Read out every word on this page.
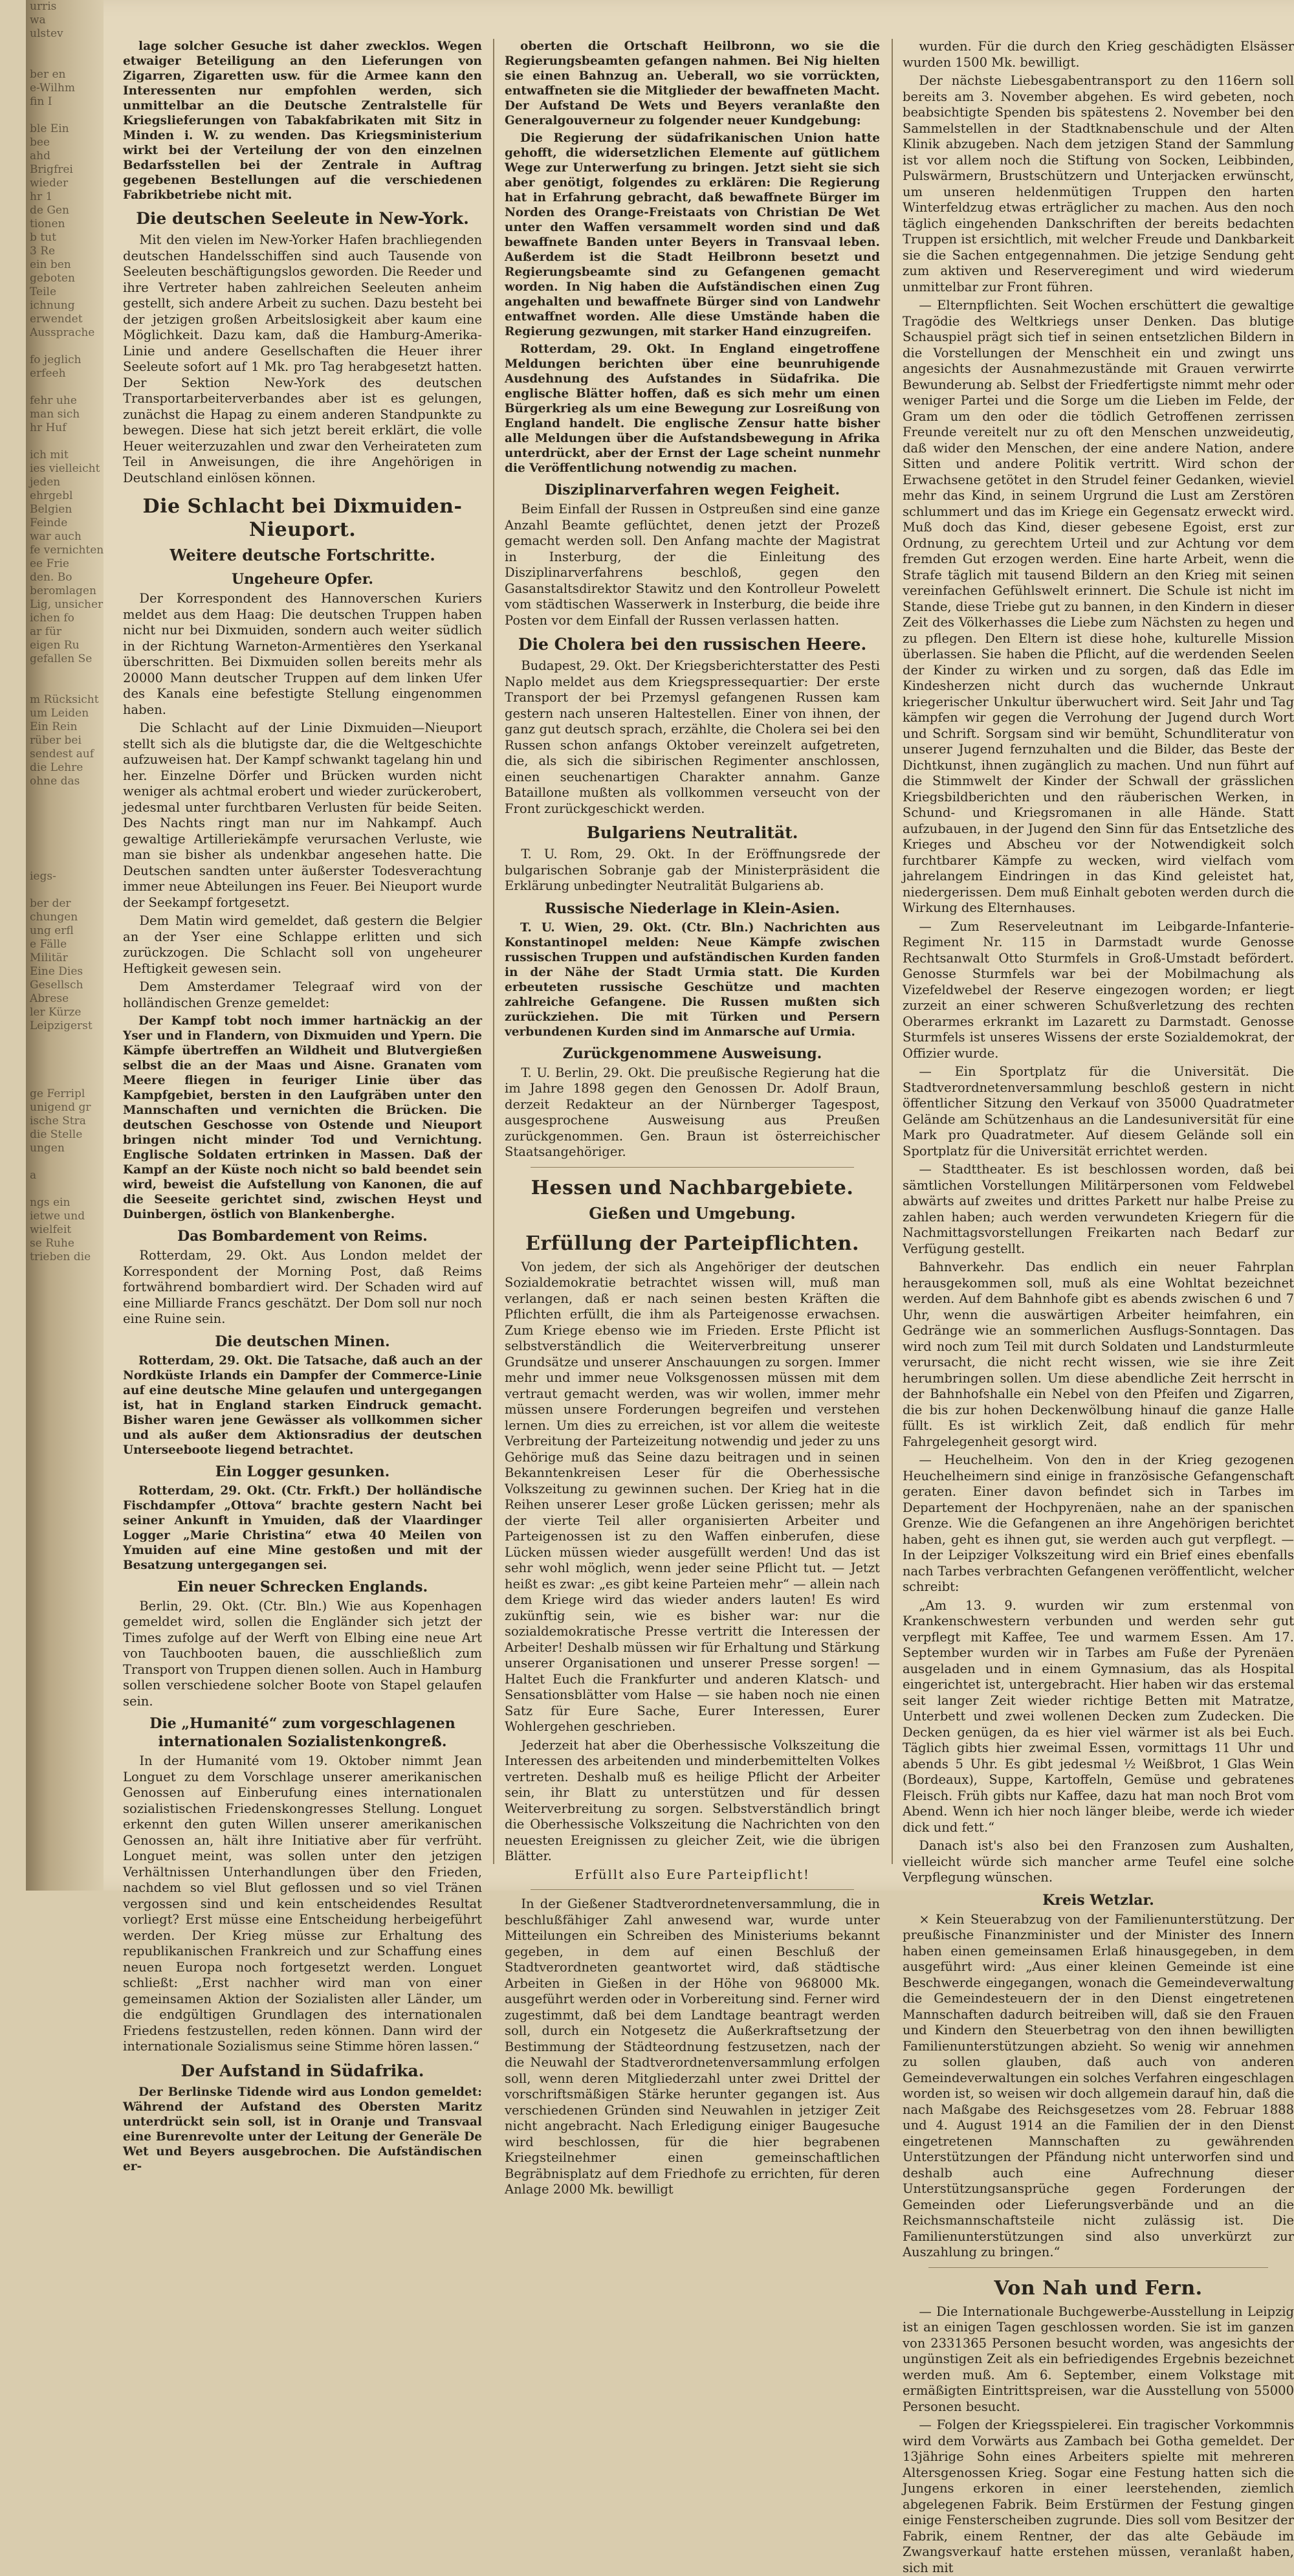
urris

wa

ulstev

ber en

e-Wilhm

fin I

ble Ein

bee

ahd

Brigfrei

wieder

hr 1

de Gen

tionen

b tut

3 Re

ein ben

geboten

Teile

ichnung

erwendet

Aussprache

fo jeglich

erfeeh

fehr uhe

man sich

hr Huf

ich mit

ies vielleicht

jeden

ehrgebl

Belgien

Feinde

war auch

fe vernichten

ee Frie

den. Bo

beromlagen

Lig, unsicher

ichen fo

ar für

eigen Ru

gefallen Se

m Rücksicht

um Leiden

Ein Rein

rüber bei

sendest auf

die Lehre

ohne das

iegs-

ber der

chungen

ung erfl

e Fälle

Militär

Eine Dies

Gesellsch

Abrese

ler Kürze

Leipzigerst

ge Ferripl

unigend gr

ische Stra

die Stelle

ungen

a

ngs ein

ietwe und

wielfeit

se Ruhe

trieben die

lage solcher Gesuche ist daher zwecklos. Wegen etwaiger Beteiligung an den Lieferungen von Zigarren, Zigaretten usw. für die Armee kann den Interessenten nur empfohlen werden, sich unmittelbar an die Deutsche Zentralstelle für Kriegslieferungen von Tabakfabrikaten mit Sitz in Minden i. W. zu wenden. Das Kriegsministerium wirkt bei der Verteilung der von den einzelnen Bedarfsstellen bei der Zentrale in Auftrag gegebenen Bestellungen auf die verschiedenen Fabrikbetriebe nicht mit.

Die deutschen Seeleute in New-York.

Mit den vielen im New-Yorker Hafen brachliegenden deutschen Handelsschiffen sind auch Tausende von Seeleuten beschäftigungslos geworden. Die Reeder und ihre Vertreter haben zahlreichen Seeleuten anheim gestellt, sich andere Arbeit zu suchen. Dazu besteht bei der jetzigen großen Arbeitslosigkeit aber kaum eine Möglichkeit. Dazu kam, daß die Hamburg-Amerika-Linie und andere Gesellschaften die Heuer ihrer Seeleute sofort auf 1 Mk. pro Tag herabgesetzt hatten. Der Sektion New-York des deutschen Transportarbeiterverbandes aber ist es gelungen, zunächst die Hapag zu einem anderen Standpunkte zu bewegen. Diese hat sich jetzt bereit erklärt, die volle Heuer weiterzuzahlen und zwar den Verheirateten zum Teil in Anweisungen, die ihre Angehörigen in Deutschland einlösen können.

Die Schlacht bei Dixmuiden-Nieuport.
Weitere deutsche Fortschritte.
Ungeheure Opfer.

Der Korrespondent des Hannoverschen Kuriers meldet aus dem Haag: Die deutschen Truppen haben nicht nur bei Dixmuiden, sondern auch weiter südlich in der Richtung Warneton-Armentières den Yserkanal überschritten. Bei Dixmuiden sollen bereits mehr als 20000 Mann deutscher Truppen auf dem linken Ufer des Kanals eine befestigte Stellung eingenommen haben.

Die Schlacht auf der Linie Dixmuiden—Nieuport stellt sich als die blutigste dar, die die Weltgeschichte aufzuweisen hat. Der Kampf schwankt tagelang hin und her. Einzelne Dörfer und Brücken wurden nicht weniger als achtmal erobert und wieder zurückerobert, jedesmal unter furchtbaren Verlusten für beide Seiten. Des Nachts ringt man nur im Nahkampf. Auch gewaltige Artilleriekämpfe verursachen Verluste, wie man sie bisher als undenkbar angesehen hatte. Die Deutschen sandten unter äußerster Todesverachtung immer neue Abteilungen ins Feuer. Bei Nieuport wurde der Seekampf fortgesetzt.

Dem Matin wird gemeldet, daß gestern die Belgier an der Yser eine Schlappe erlitten und sich zurückzogen. Die Schlacht soll von ungeheurer Heftigkeit gewesen sein.

Dem Amsterdamer Telegraaf wird von der holländischen Grenze gemeldet:

Der Kampf tobt noch immer hartnäckig an der Yser und in Flandern, von Dixmuiden und Ypern. Die Kämpfe übertreffen an Wildheit und Blutvergießen selbst die an der Maas und Aisne. Granaten vom Meere fliegen in feuriger Linie über das Kampfgebiet, bersten in den Laufgräben unter den Mannschaften und vernichten die Brücken. Die deutschen Geschosse von Ostende und Nieuport bringen nicht minder Tod und Vernichtung. Englische Soldaten ertrinken in Massen. Daß der Kampf an der Küste noch nicht so bald beendet sein wird, beweist die Aufstellung von Kanonen, die auf die Seeseite gerichtet sind, zwischen Heyst und Duinbergen, östlich von Blankenberghe.

Das Bombardement von Reims.

Rotterdam, 29. Okt. Aus London meldet der Korrespondent der Morning Post, daß Reims fortwährend bombardiert wird. Der Schaden wird auf eine Milliarde Francs geschätzt. Der Dom soll nur noch eine Ruine sein.

Die deutschen Minen.

Rotterdam, 29. Okt. Die Tatsache, daß auch an der Nordküste Irlands ein Dampfer der Commerce-Linie auf eine deutsche Mine gelaufen und untergegangen ist, hat in England starken Eindruck gemacht. Bisher waren jene Gewässer als vollkommen sicher und als außer dem Aktionsradius der deutschen Unterseeboote liegend betrachtet.

Ein Logger gesunken.

Rotterdam, 29. Okt. (Ctr. Frkft.) Der holländische Fischdampfer „Ottova“ brachte gestern Nacht bei seiner Ankunft in Ymuiden, daß der Vlaardinger Logger „Marie Christina“ etwa 40 Meilen von Ymuiden auf eine Mine gestoßen und mit der Besatzung untergegangen sei.

Ein neuer Schrecken Englands.

Berlin, 29. Okt. (Ctr. Bln.) Wie aus Kopenhagen gemeldet wird, sollen die Engländer sich jetzt der Times zufolge auf der Werft von Elbing eine neue Art von Tauchbooten bauen, die ausschließlich zum Transport von Truppen dienen sollen. Auch in Hamburg sollen verschiedene solcher Boote von Stapel gelaufen sein.

Die „Humanité“ zum vorgeschlagenen internationalen Sozialistenkongreß.

In der Humanité vom 19. Oktober nimmt Jean Longuet zu dem Vorschlage unserer amerikanischen Genossen auf Einberufung eines internationalen sozialistischen Friedenskongresses Stellung. Longuet erkennt den guten Willen unserer amerikanischen Genossen an, hält ihre Initiative aber für verfrüht. Longuet meint, was sollen unter den jetzigen Verhältnissen Unterhandlungen über den Frieden, nachdem so viel Blut geflossen und so viel Tränen vergossen sind und kein entscheidendes Resultat vorliegt? Erst müsse eine Entscheidung herbeigeführt werden. Der Krieg müsse zur Erhaltung des republikanischen Frankreich und zur Schaffung eines neuen Europa noch fortgesetzt werden. Longuet schließt: „Erst nachher wird man von einer gemeinsamen Aktion der Sozialisten aller Länder, um die endgültigen Grundlagen des internationalen Friedens festzustellen, reden können. Dann wird der internationale Sozialismus seine Stimme hören lassen.“

Der Aufstand in Südafrika.

Der Berlinske Tidende wird aus London gemeldet: Während der Aufstand des Obersten Maritz unterdrückt sein soll, ist in Oranje und Transvaal eine Burenrevolte unter der Leitung der Generäle De Wet und Beyers ausgebrochen. Die Aufständischen er-

oberten die Ortschaft Heilbronn, wo sie die Regierungsbeamten gefangen nahmen. Bei Nig hielten sie einen Bahnzug an. Ueberall, wo sie vorrückten, entwaffneten sie die Mitglieder der bewaffneten Macht. Der Aufstand De Wets und Beyers veranlaßte den Generalgouverneur zu folgender neuer Kundgebung:

Die Regierung der südafrikanischen Union hatte gehofft, die widersetzlichen Elemente auf gütlichem Wege zur Unterwerfung zu bringen. Jetzt sieht sie sich aber genötigt, folgendes zu erklären: Die Regierung hat in Erfahrung gebracht, daß bewaffnete Bürger im Norden des Orange-Freistaats von Christian De Wet unter den Waffen versammelt worden sind und daß bewaffnete Banden unter Beyers in Transvaal leben. Außerdem ist die Stadt Heilbronn besetzt und Regierungsbeamte sind zu Gefangenen gemacht worden. In Nig haben die Aufständischen einen Zug angehalten und bewaffnete Bürger sind von Landwehr entwaffnet worden. Alle diese Umstände haben die Regierung gezwungen, mit starker Hand einzugreifen.

Rotterdam, 29. Okt. In England eingetroffene Meldungen berichten über eine beunruhigende Ausdehnung des Aufstandes in Südafrika. Die englische Blätter hoffen, daß es sich mehr um einen Bürgerkrieg als um eine Bewegung zur Losreißung von England handelt. Die englische Zensur hatte bisher alle Meldungen über die Aufstandsbewegung in Afrika unterdrückt, aber der Ernst der Lage scheint nunmehr die Veröffentlichung notwendig zu machen.

Disziplinarverfahren wegen Feigheit.

Beim Einfall der Russen in Ostpreußen sind eine ganze Anzahl Beamte geflüchtet, denen jetzt der Prozeß gemacht werden soll. Den Anfang machte der Magistrat in Insterburg, der die Einleitung des Disziplinarverfahrens beschloß, gegen den Gasanstaltsdirektor Stawitz und den Kontrolleur Powelett vom städtischen Wasserwerk in Insterburg, die beide ihre Posten vor dem Einfall der Russen verlassen hatten.

Die Cholera bei den russischen Heere.

Budapest, 29. Okt. Der Kriegsberichterstatter des Pesti Naplo meldet aus dem Kriegspressequartier: Der erste Transport der bei Przemysl gefangenen Russen kam gestern nach unseren Haltestellen. Einer von ihnen, der ganz gut deutsch sprach, erzählte, die Cholera sei bei den Russen schon anfangs Oktober vereinzelt aufgetreten, die, als sich die sibirischen Regimenter anschlossen, einen seuchenartigen Charakter annahm. Ganze Bataillone mußten als vollkommen verseucht von der Front zurückgeschickt werden.

Bulgariens Neutralität.

T. U. Rom, 29. Okt. In der Eröffnungsrede der bulgarischen Sobranje gab der Ministerpräsident die Erklärung unbedingter Neutralität Bulgariens ab.

Russische Niederlage in Klein-Asien.

T. U. Wien, 29. Okt. (Ctr. Bln.) Nachrichten aus Konstantinopel melden: Neue Kämpfe zwischen russischen Truppen und aufständischen Kurden fanden in der Nähe der Stadt Urmia statt. Die Kurden erbeuteten russische Geschütze und machten zahlreiche Gefangene. Die Russen mußten sich zurückziehen. Die mit Türken und Persern verbundenen Kurden sind im Anmarsche auf Urmia.

Zurückgenommene Ausweisung.

T. U. Berlin, 29. Okt. Die preußische Regierung hat die im Jahre 1898 gegen den Genossen Dr. Adolf Braun, derzeit Redakteur an der Nürnberger Tagespost, ausgesprochene Ausweisung aus Preußen zurückgenommen. Gen. Braun ist österreichischer Staatsangehöriger.

Hessen und Nachbargebiete.
Gießen und Umgebung.
Erfüllung der Parteipflichten.

Von jedem, der sich als Angehöriger der deutschen Sozialdemokratie betrachtet wissen will, muß man verlangen, daß er nach seinen besten Kräften die Pflichten erfüllt, die ihm als Parteigenosse erwachsen. Zum Kriege ebenso wie im Frieden. Erste Pflicht ist selbstverständlich die Weiterverbreitung unserer Grundsätze und unserer Anschauungen zu sorgen. Immer mehr und immer neue Volksgenossen müssen mit dem vertraut gemacht werden, was wir wollen, immer mehr müssen unsere Forderungen begreifen und verstehen lernen. Um dies zu erreichen, ist vor allem die weiteste Verbreitung der Parteizeitung notwendig und jeder zu uns Gehörige muß das Seine dazu beitragen und in seinen Bekanntenkreisen Leser für die Oberhessische Volkszeitung zu gewinnen suchen. Der Krieg hat in die Reihen unserer Leser große Lücken gerissen; mehr als der vierte Teil aller organisierten Arbeiter und Parteigenossen ist zu den Waffen einberufen, diese Lücken müssen wieder ausgefüllt werden! Und das ist sehr wohl möglich, wenn jeder seine Pflicht tut. — Jetzt heißt es zwar: „es gibt keine Parteien mehr“ — allein nach dem Kriege wird das wieder anders lauten! Es wird zukünftig sein, wie es bisher war: nur die sozialdemokratische Presse vertritt die Interessen der Arbeiter! Deshalb müssen wir für Erhaltung und Stärkung unserer Organisationen und unserer Presse sorgen! — Haltet Euch die Frankfurter und anderen Klatsch- und Sensationsblätter vom Halse — sie haben noch nie einen Satz für Eure Sache, Eurer Interessen, Eurer Wohlergehen geschrieben.

Jederzeit hat aber die Oberhessische Volkszeitung die Interessen des arbeitenden und minderbemittelten Volkes vertreten. Deshalb muß es heilige Pflicht der Arbeiter sein, ihr Blatt zu unterstützen und für dessen Weiterverbreitung zu sorgen. Selbstverständlich bringt die Oberhessische Volkszeitung die Nachrichten von den neuesten Ereignissen zu gleicher Zeit, wie die übrigen Blätter.

Erfüllt also Eure Parteipflicht!

In der Gießener Stadtverordnetenversammlung, die in beschlußfähiger Zahl anwesend war, wurde unter Mitteilungen ein Schreiben des Ministeriums bekannt gegeben, in dem auf einen Beschluß der Stadtverordneten geantwortet wird, daß städtische Arbeiten in Gießen in der Höhe von 968000 Mk. ausgeführt werden oder in Vorbereitung sind. Ferner wird zugestimmt, daß bei dem Landtage beantragt werden soll, durch ein Notgesetz die Außerkraftsetzung der Bestimmung der Städteordnung festzusetzen, nach der die Neuwahl der Stadtverordnetenversammlung erfolgen soll, wenn deren Mitgliederzahl unter zwei Drittel der vorschriftsmäßigen Stärke herunter gegangen ist. Aus verschiedenen Gründen sind Neuwahlen in jetziger Zeit nicht angebracht. Nach Erledigung einiger Baugesuche wird beschlossen, für die hier begrabenen Kriegsteilnehmer einen gemeinschaftlichen Begräbnisplatz auf dem Friedhofe zu errichten, für deren Anlage 2000 Mk. bewilligt

wurden. Für die durch den Krieg geschädigten Elsässer wurden 1500 Mk. bewilligt.

Der nächste Liebesgabentransport zu den 116ern soll bereits am 3. November abgehen. Es wird gebeten, noch beabsichtigte Spenden bis spätestens 2. November bei den Sammelstellen in der Stadtknabenschule und der Alten Klinik abzugeben. Nach dem jetzigen Stand der Sammlung ist vor allem noch die Stiftung von Socken, Leibbinden, Pulswärmern, Brustschützern und Unterjacken erwünscht, um unseren heldenmütigen Truppen den harten Winterfeldzug etwas erträglicher zu machen. Aus den noch täglich eingehenden Dankschriften der bereits bedachten Truppen ist ersichtlich, mit welcher Freude und Dankbarkeit sie die Sachen entgegennahmen. Die jetzige Sendung geht zum aktiven und Reserveregiment und wird wiederum unmittelbar zur Front führen.

— Elternpflichten. Seit Wochen erschüttert die gewaltige Tragödie des Weltkriegs unser Denken. Das blutige Schauspiel prägt sich tief in seinen entsetzlichen Bildern in die Vorstellungen der Menschheit ein und zwingt uns angesichts der Ausnahmezustände mit Grauen verwirrte Bewunderung ab. Selbst der Friedfertigste nimmt mehr oder weniger Partei und die Sorge um die Lieben im Felde, der Gram um den oder die tödlich Getroffenen zerrissen Freunde vereitelt nur zu oft den Menschen unzweideutig, daß wider den Menschen, der eine andere Nation, andere Sitten und andere Politik vertritt. Wird schon der Erwachsene getötet in den Strudel feiner Gedanken, wieviel mehr das Kind, in seinem Urgrund die Lust am Zerstören schlummert und das im Kriege ein Gegensatz erweckt wird. Muß doch das Kind, dieser gebesene Egoist, erst zur Ordnung, zu gerechtem Urteil und zur Achtung vor dem fremden Gut erzogen werden. Eine harte Arbeit, wenn die Strafe täglich mit tausend Bildern an den Krieg mit seinen vereinfachen Gefühlswelt erinnert. Die Schule ist nicht im Stande, diese Triebe gut zu bannen, in den Kindern in dieser Zeit des Völkerhasses die Liebe zum Nächsten zu hegen und zu pflegen. Den Eltern ist diese hohe, kulturelle Mission überlassen. Sie haben die Pflicht, auf die werdenden Seelen der Kinder zu wirken und zu sorgen, daß das Edle im Kindesherzen nicht durch das wuchernde Unkraut kriegerischer Unkultur überwuchert wird. Seit Jahr und Tag kämpfen wir gegen die Verrohung der Jugend durch Wort und Schrift. Sorgsam sind wir bemüht, Schundliteratur von unserer Jugend fernzuhalten und die Bilder, das Beste der Dichtkunst, ihnen zugänglich zu machen. Und nun führt auf die Stimmwelt der Kinder der Schwall der grässlichen Kriegsbildberichten und den räuberischen Werken, in Schund- und Kriegsromanen in alle Hände. Statt aufzubauen, in der Jugend den Sinn für das Entsetzliche des Krieges und Abscheu vor der Notwendigkeit solch furchtbarer Kämpfe zu wecken, wird vielfach vom jahrelangem Eindringen in das Kind geleistet hat, niedergerissen. Dem muß Einhalt geboten werden durch die Wirkung des Elternhauses.

— Zum Reserveleutnant im Leibgarde-Infanterie-Regiment Nr. 115 in Darmstadt wurde Genosse Rechtsanwalt Otto Sturmfels in Groß-Umstadt befördert. Genosse Sturmfels war bei der Mobilmachung als Vizefeldwebel der Reserve eingezogen worden; er liegt zurzeit an einer schweren Schußverletzung des rechten Oberarmes erkrankt im Lazarett zu Darmstadt. Genosse Sturmfels ist unseres Wissens der erste Sozialdemokrat, der Offizier wurde.

— Ein Sportplatz für die Universität. Die Stadtverordnetenversammlung beschloß gestern in nicht öffentlicher Sitzung den Verkauf von 35000 Quadratmeter Gelände am Schützenhaus an die Landesuniversität für eine Mark pro Quadratmeter. Auf diesem Gelände soll ein Sportplatz für die Universität errichtet werden.

— Stadttheater. Es ist beschlossen worden, daß bei sämtlichen Vorstellungen Militärpersonen vom Feldwebel abwärts auf zweites und drittes Parkett nur halbe Preise zu zahlen haben; auch werden verwundeten Kriegern für die Nachmittagsvorstellungen Freikarten nach Bedarf zur Verfügung gestellt.

Bahnverkehr. Das endlich ein neuer Fahrplan herausgekommen soll, muß als eine Wohltat bezeichnet werden. Auf dem Bahnhofe gibt es abends zwischen 6 und 7 Uhr, wenn die auswärtigen Arbeiter heimfahren, ein Gedränge wie an sommerlichen Ausflugs-Sonntagen. Das wird noch zum Teil mit durch Soldaten und Landsturmleute verursacht, die nicht recht wissen, wie sie ihre Zeit herumbringen sollen. Um diese abendliche Zeit herrscht in der Bahnhofshalle ein Nebel von den Pfeifen und Zigarren, die bis zur hohen Deckenwölbung hinauf die ganze Halle füllt. Es ist wirklich Zeit, daß endlich für mehr Fahrgelegenheit gesorgt wird.

— Heuchelheim. Von den in der Krieg gezogenen Heuchelheimern sind einige in französische Gefangenschaft geraten. Einer davon befindet sich in Tarbes im Departement der Hochpyrenäen, nahe an der spanischen Grenze. Wie die Gefangenen an ihre Angehörigen berichtet haben, geht es ihnen gut, sie werden auch gut verpflegt. — In der Leipziger Volkszeitung wird ein Brief eines ebenfalls nach Tarbes verbrachten Gefangenen veröffentlicht, welcher schreibt:

„Am 13. 9. wurden wir zum erstenmal von Krankenschwestern verbunden und werden sehr gut verpflegt mit Kaffee, Tee und warmem Essen. Am 17. September wurden wir in Tarbes am Fuße der Pyrenäen ausgeladen und in einem Gymnasium, das als Hospital eingerichtet ist, untergebracht. Hier haben wir das erstemal seit langer Zeit wieder richtige Betten mit Matratze, Unterbett und zwei wollenen Decken zum Zudecken. Die Decken genügen, da es hier viel wärmer ist als bei Euch. Täglich gibts hier zweimal Essen, vormittags 11 Uhr und abends 5 Uhr. Es gibt jedesmal ½ Weißbrot, 1 Glas Wein (Bordeaux), Suppe, Kartoffeln, Gemüse und gebratenes Fleisch. Früh gibts nur Kaffee, dazu hat man noch Brot vom Abend. Wenn ich hier noch länger bleibe, werde ich wieder dick und fett.“

Danach ist's also bei den Franzosen zum Aushalten, vielleicht würde sich mancher arme Teufel eine solche Verpflegung wünschen.

Kreis Wetzlar.

× Kein Steuerabzug von der Familienunterstützung. Der preußische Finanzminister und der Minister des Innern haben einen gemeinsamen Erlaß hinausgegeben, in dem ausgeführt wird: „Aus einer kleinen Gemeinde ist eine Beschwerde eingegangen, wonach die Gemeindeverwaltung die Gemeindesteuern der in den Dienst eingetretenen Mannschaften dadurch beitreiben will, daß sie den Frauen und Kindern den Steuerbetrag von den ihnen bewilligten Familienunterstützungen abzieht. So wenig wir annehmen zu sollen glauben, daß auch von anderen Gemeindeverwaltungen ein solches Verfahren eingeschlagen worden ist, so weisen wir doch allgemein darauf hin, daß die nach Maßgabe des Reichsgesetzes vom 28. Februar 1888 und 4. August 1914 an die Familien der in den Dienst eingetretenen Mannschaften zu gewährenden Unterstützungen der Pfändung nicht unterworfen sind und deshalb auch eine Aufrechnung dieser Unterstützungsansprüche gegen Forderungen der Gemeinden oder Lieferungsverbände und an die Reichsmannschaftsteile nicht zulässig ist. Die Familienunterstützungen sind also unverkürzt zur Auszahlung zu bringen.“

Von Nah und Fern.

— Die Internationale Buchgewerbe-Ausstellung in Leipzig ist an einigen Tagen geschlossen worden. Sie ist im ganzen von 2331365 Personen besucht worden, was angesichts der ungünstigen Zeit als ein befriedigendes Ergebnis bezeichnet werden muß. Am 6. September, einem Volkstage mit ermäßigten Eintrittspreisen, war die Ausstellung von 55000 Personen besucht.

— Folgen der Kriegsspielerei. Ein tragischer Vorkommnis wird dem Vorwärts aus Zambach bei Gotha gemeldet. Der 13jährige Sohn eines Arbeiters spielte mit mehreren Altersgenossen Krieg. Sogar eine Festung hatten sich die Jungens erkoren in einer leerstehenden, ziemlich abgelegenen Fabrik. Beim Erstürmen der Festung gingen einige Fensterscheiben zugrunde. Dies soll vom Besitzer der Fabrik, einem Rentner, der das alte Gebäude im Zwangsverkauf hatte erstehen müssen, veranlaßt haben, sich mit
